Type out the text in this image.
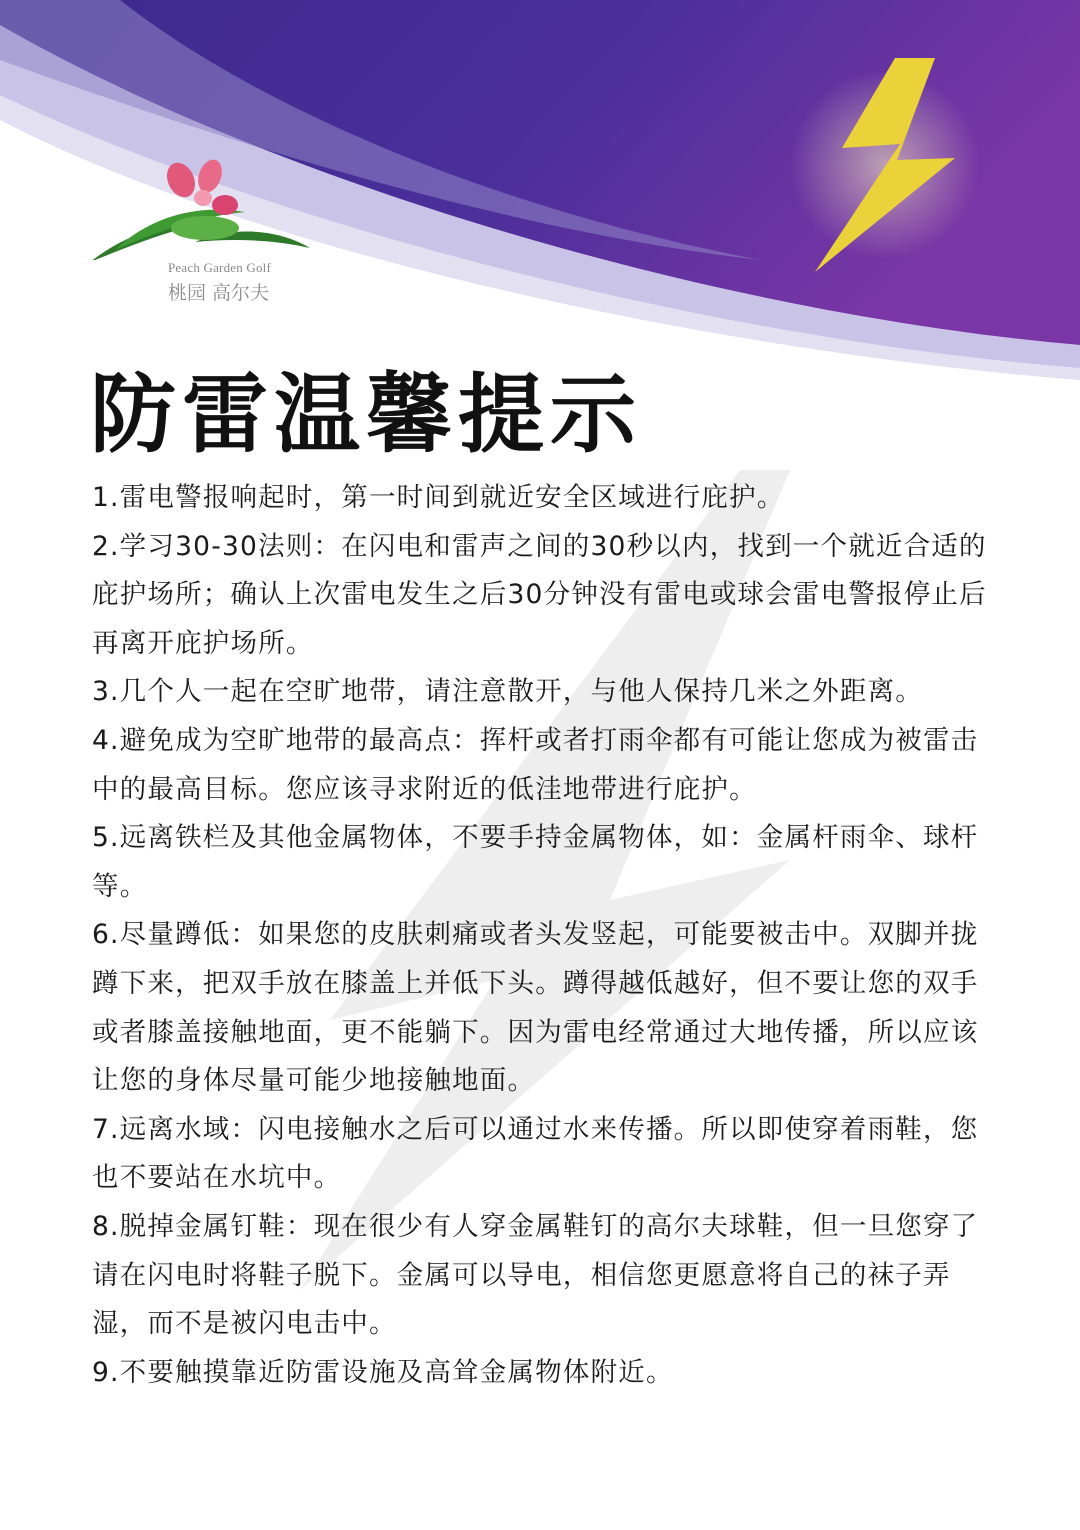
Peach Garden Golf
桃园 高尔夫
防雷温馨提示

1.雷电警报响起时，第一时间到就近安全区域进行庇护。

2.学习30-30法则：在闪电和雷声之间的30秒以内，找到一个就近合适的庇护场所；确认上次雷电发生之后30分钟没有雷电或球会雷电警报停止后再离开庇护场所。

3.几个人一起在空旷地带，请注意散开，与他人保持几米之外距离。

4.避免成为空旷地带的最高点：挥杆或者打雨伞都有可能让您成为被雷击中的最高目标。您应该寻求附近的低洼地带进行庇护。

5.远离铁栏及其他金属物体，不要手持金属物体，如：金属杆雨伞、球杆等。

6.尽量蹲低：如果您的皮肤刺痛或者头发竖起，可能要被击中。双脚并拢蹲下来，把双手放在膝盖上并低下头。蹲得越低越好，但不要让您的双手或者膝盖接触地面，更不能躺下。因为雷电经常通过大地传播，所以应该让您的身体尽量可能少地接触地面。

7.远离水域：闪电接触水之后可以通过水来传播。所以即使穿着雨鞋，您也不要站在水坑中。

8.脱掉金属钉鞋：现在很少有人穿金属鞋钉的高尔夫球鞋，但一旦您穿了请在闪电时将鞋子脱下。金属可以导电，相信您更愿意将自己的袜子弄湿，而不是被闪电击中。

9.不要触摸靠近防雷设施及高耸金属物体附近。
